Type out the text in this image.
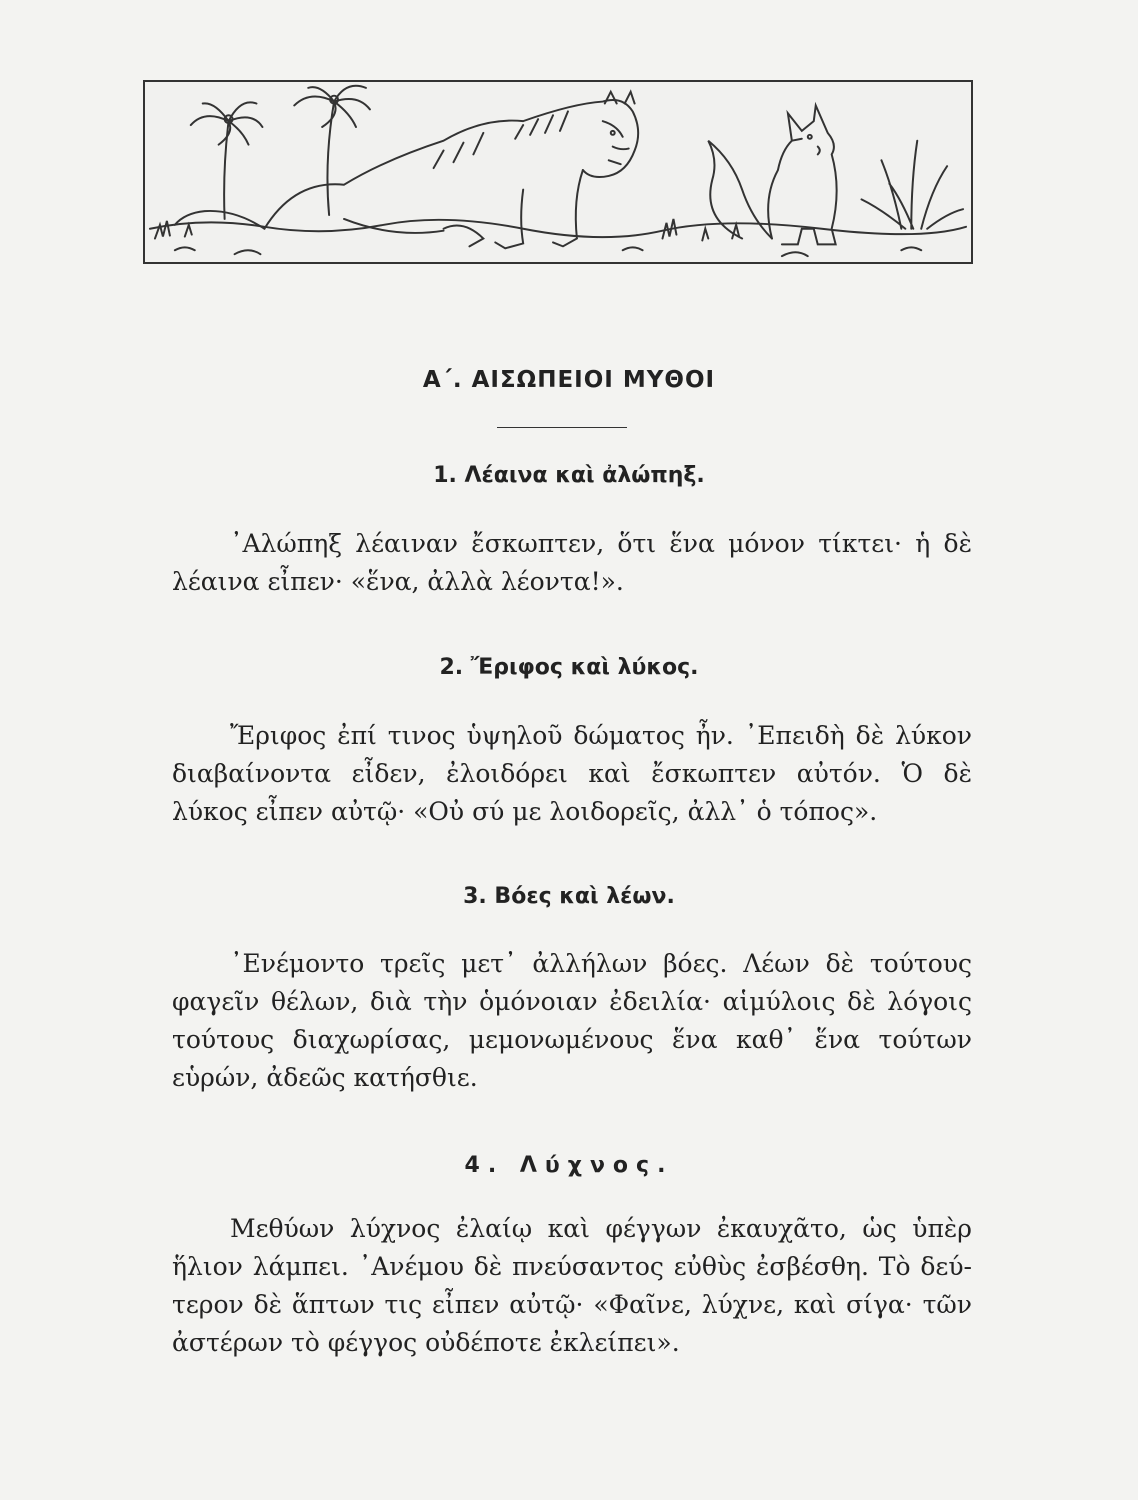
Α΄. ΑΙΣΩΠΕΙΟΙ ΜΥΘΟΙ
1. Λέαινα καὶ ἀλώπηξ.
᾿Αλώπηξ λέαιναν ἔσκωπτεν, ὅτι ἕνα μόνον τίκτει· ἡ δὲ
λέαινα εἶπεν· «ἕνα, ἀλλὰ λέοντα!».
2. Ἔριφος καὶ λύκος.
Ἔριφος ἐπί τινος ὑψηλοῦ δώματος ἦν. ᾿Επειδὴ δὲ λύκον
διαβαίνοντα εἶδεν, ἐλοιδόρει καὶ ἔσκωπτεν αὐτόν. Ὁ δὲ
λύκος εἶπεν αὐτῷ· «Οὐ σύ με λοιδορεῖς, ἀλλ᾿ ὁ τόπος».
3. Βόες καὶ λέων.
᾿Ενέμοντο τρεῖς μετ᾿ ἀλλήλων βόες. Λέων δὲ τούτους
φαγεῖν θέλων, διὰ τὴν ὁμόνοιαν ἐδειλία· αἱμύλοις δὲ λόγοις
τούτους διαχωρίσας, μεμονωμένους ἕνα καθ᾿ ἕνα τούτων
εὑρών, ἀδεῶς κατήσθιε.
4. Λύχνος.
Μεθύων λύχνος ἐλαίῳ καὶ φέγγων ἐκαυχᾶτο, ὡς ὑπὲρ
ἥλιον λάμπει. ᾿Ανέμου δὲ πνεύσαντος εὐθὺς ἐσβέσθη. Τὸ δεύ-
τερον δὲ ἅπτων τις εἶπεν αὐτῷ· «Φαῖνε, λύχνε, καὶ σίγα· τῶν
ἀστέρων τὸ φέγγος οὐδέποτε ἐκλείπει».
